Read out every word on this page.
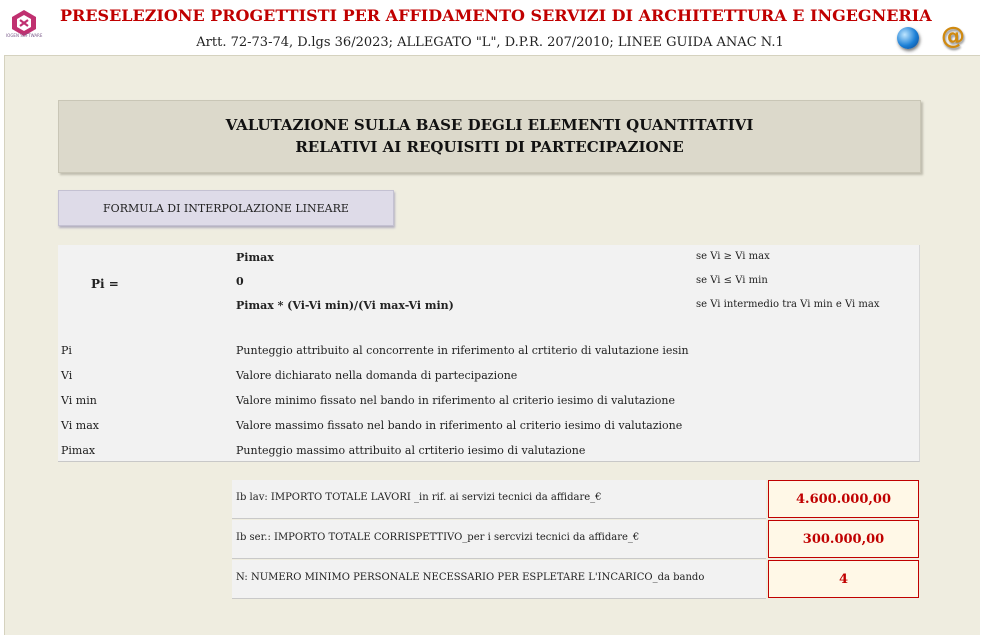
IOGEN SOFTWARE
PRESELEZIONE PROGETTISTI PER AFFIDAMENTO SERVIZI DI ARCHITETTURA E INGEGNERIA
Artt. 72-73-74, D.lgs 36/2023; ALLEGATO "L", D.P.R. 207/2010; LINEE GUIDA ANAC N.1	@
VALUTAZIONE SULLA BASE DEGLI ELEMENTI QUANTITATIVI
RELATIVI AI REQUISITI DI PARTECIPAZIONE
FORMULA DI INTERPOLAZIONE LINEARE
Pi =
Pimax	se Vi ≥ Vi max
0	se Vi ≤ Vi min
Pimax * (Vi-Vi min)/(Vi max-Vi min)	se Vi intermedio tra Vi min e Vi max
Pi	Punteggio attribuito al concorrente in riferimento al crtiterio di valutazione iesin
Vi	Valore dichiarato nella domanda di partecipazione
Vi min	Valore minimo fissato nel bando in riferimento al criterio iesimo di valutazione
Vi max	Valore massimo fissato nel bando in riferimento al criterio iesimo di valutazione
Pimax	Punteggio massimo attribuito al crtiterio iesimo di valutazione
Ib lav: IMPORTO TOTALE LAVORI _in rif. ai servizi tecnici da affidare_€	4.600.000,00
Ib ser.: IMPORTO TOTALE CORRISPETTIVO_per i sercvizi tecnici da affidare_€	300.000,00
N: NUMERO MINIMO PERSONALE NECESSARIO PER ESPLETARE L'INCARICO_da bando	4
